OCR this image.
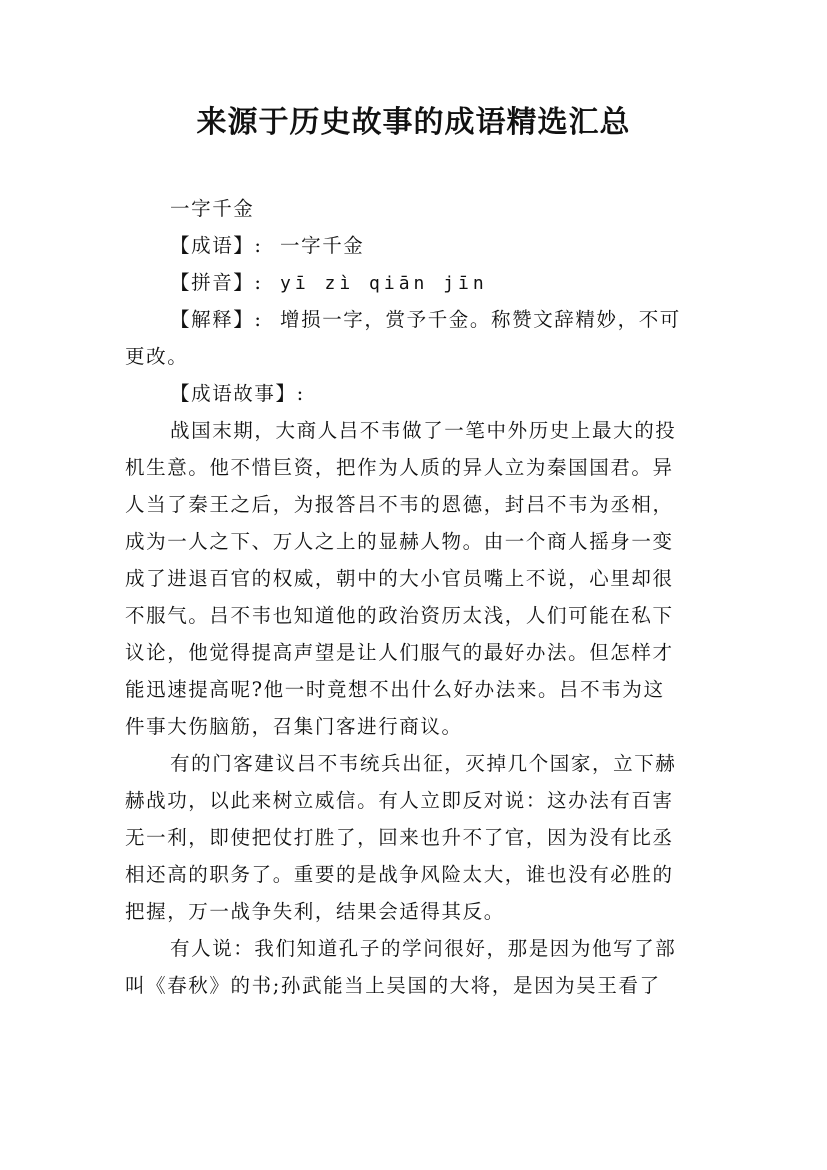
来源于历史故事的成语精选汇总
一字千金
【成语】: 一字千金
【拼音】: yī zì qiān jīn
【解释】: 增损一字，赏予千金。称赞文辞精妙，不可
更改。
【成语故事】:
战国末期，大商人吕不韦做了一笔中外历史上最大的投
机生意。他不惜巨资，把作为人质的异人立为秦国国君。异
人当了秦王之后，为报答吕不韦的恩德，封吕不韦为丞相，
成为一人之下、万人之上的显赫人物。由一个商人摇身一变
成了进退百官的权威，朝中的大小官员嘴上不说，心里却很
不服气。吕不韦也知道他的政治资历太浅，人们可能在私下
议论，他觉得提高声望是让人们服气的最好办法。但怎样才
能迅速提高呢?他一时竟想不出什么好办法来。吕不韦为这
件事大伤脑筋，召集门客进行商议。
有的门客建议吕不韦统兵出征，灭掉几个国家，立下赫
赫战功，以此来树立威信。有人立即反对说：这办法有百害
无一利，即使把仗打胜了，回来也升不了官，因为没有比丞
相还高的职务了。重要的是战争风险太大，谁也没有必胜的
把握，万一战争失利，结果会适得其反。
有人说：我们知道孔子的学问很好，那是因为他写了部
叫《春秋》的书;孙武能当上吴国的大将，是因为吴王看了
